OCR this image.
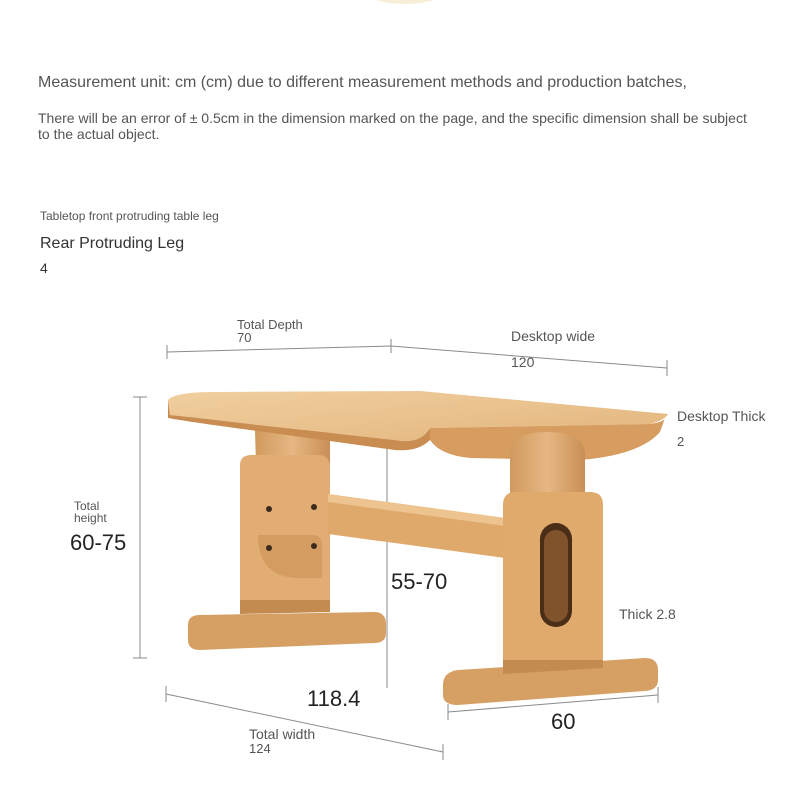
Measurement unit: cm (cm) due to different measurement methods and production batches,
There will be an error of ± 0.5cm in the dimension marked on the page, and the specific dimension shall be subject to the actual object.
Tabletop front protruding table leg
Rear Protruding Leg
4
Total Depth
70	Desktop wide
120
Desktop Thick
2
Total
height
60-75
55-70
Thick 2.8
118.4
60
Total width
124
